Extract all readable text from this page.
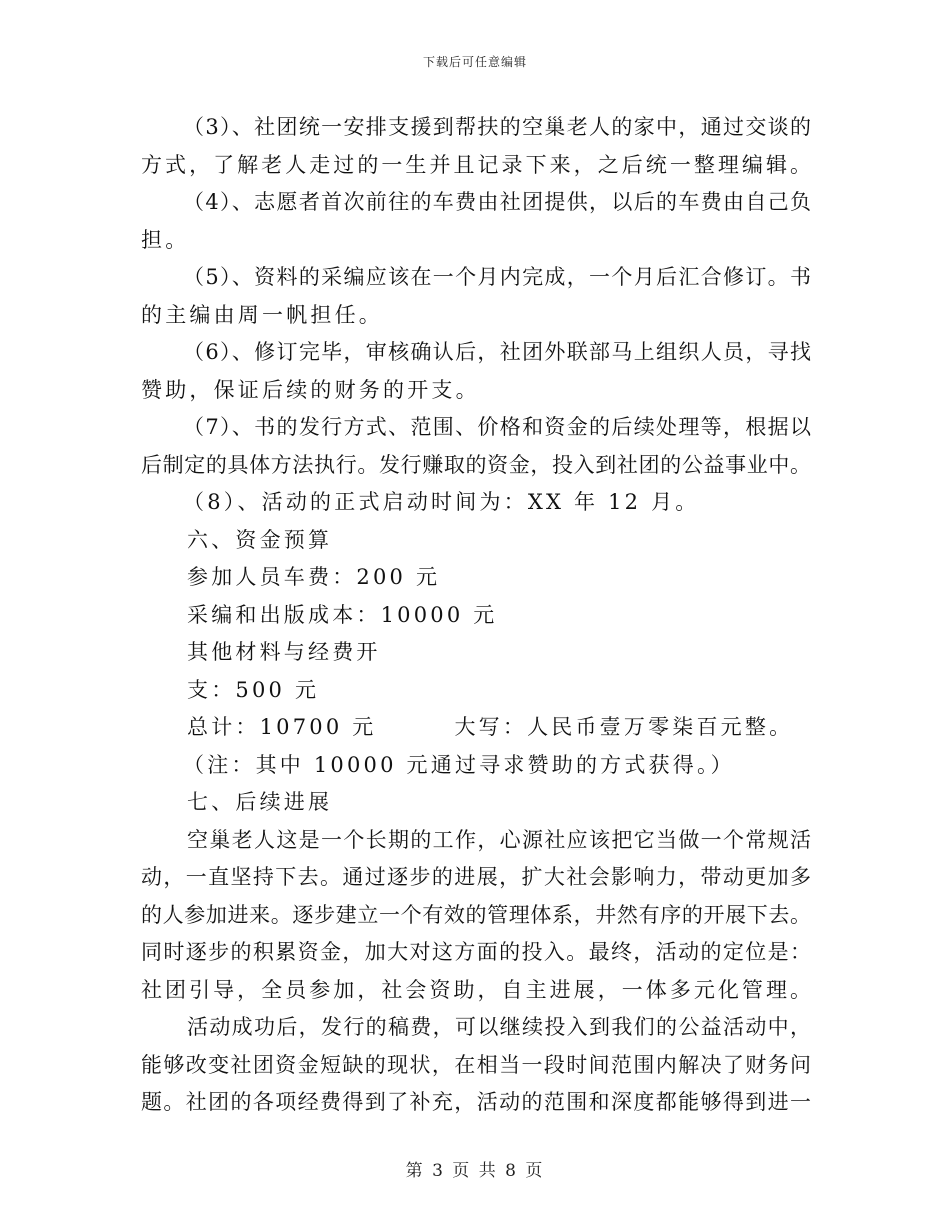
下载后可任意编辑
（3）、社团统一安排支援到帮扶的空巢老人的家中，通过交谈的
方式，了解老人走过的一生并且记录下来，之后统一整理编辑。
（4）、志愿者首次前往的车费由社团提供，以后的车费由自己负
担。
（5）、资料的采编应该在一个月内完成，一个月后汇合修订。书
的主编由周一帆担任。
（6）、修订完毕，审核确认后，社团外联部马上组织人员，寻找
赞助，保证后续的财务的开支。
（7）、书的发行方式、范围、价格和资金的后续处理等，根据以
后制定的具体方法执行。发行赚取的资金，投入到社团的公益事业中。
（8）、活动的正式启动时间为：XX 年 12 月。
六、资金预算
参加人员车费：200 元
采编和出版成本：10000 元
其他材料与经费开
支：500 元
总计：10700 元	大写：人民币壹万零柒百元整。
（注：其中 10000 元通过寻求赞助的方式获得。）
七、后续进展
空巢老人这是一个长期的工作，心源社应该把它当做一个常规活
动，一直坚持下去。通过逐步的进展，扩大社会影响力，带动更加多
的人参加进来。逐步建立一个有效的管理体系，井然有序的开展下去。
同时逐步的积累资金，加大对这方面的投入。最终，活动的定位是：
社团引导，全员参加，社会资助，自主进展，一体多元化管理。
活动成功后，发行的稿费，可以继续投入到我们的公益活动中，
能够改变社团资金短缺的现状，在相当一段时间范围内解决了财务问
题。社团的各项经费得到了补充，活动的范围和深度都能够得到进一
第 3 页 共 8 页
